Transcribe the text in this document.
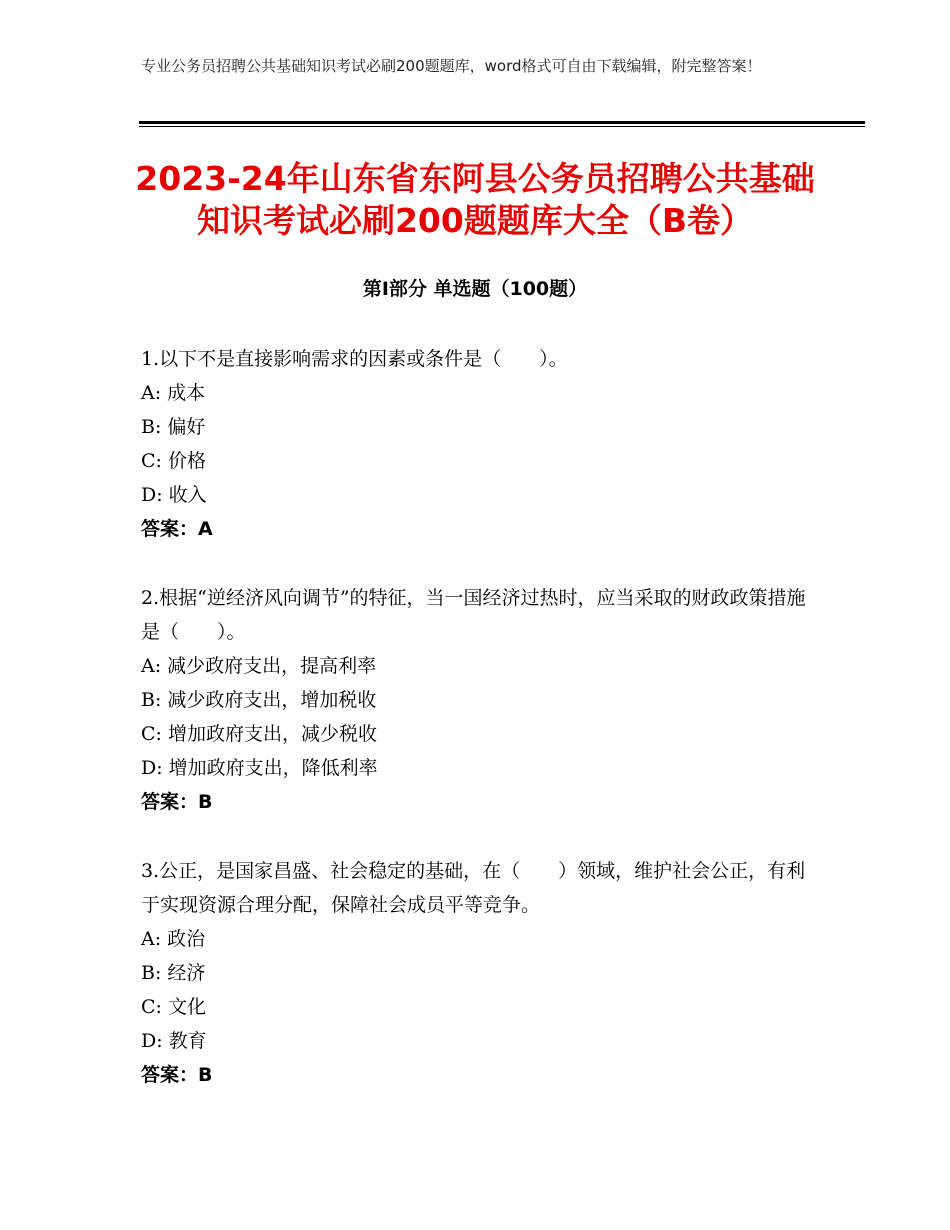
专业公务员招聘公共基础知识考试必刷200题题库，word格式可自由下载编辑，附完整答案！
2023-24年山东省东阿县公务员招聘公共基础知识考试必刷200题题库大全（B卷）
第I部分 单选题（100题）
1.以下不是直接影响需求的因素或条件是（　　）。
A: 成本
B: 偏好
C: 价格
D: 收入
答案：A
2.根据“逆经济风向调节”的特征，当一国经济过热时，应当采取的财政政策措施是（　　）。
A: 减少政府支出，提高利率
B: 减少政府支出，增加税收
C: 增加政府支出，减少税收
D: 增加政府支出，降低利率
答案：B
3.公正，是国家昌盛、社会稳定的基础，在（　　）领域，维护社会公正，有利于实现资源合理分配，保障社会成员平等竞争。
A: 政治
B: 经济
C: 文化
D: 教育
答案：B
